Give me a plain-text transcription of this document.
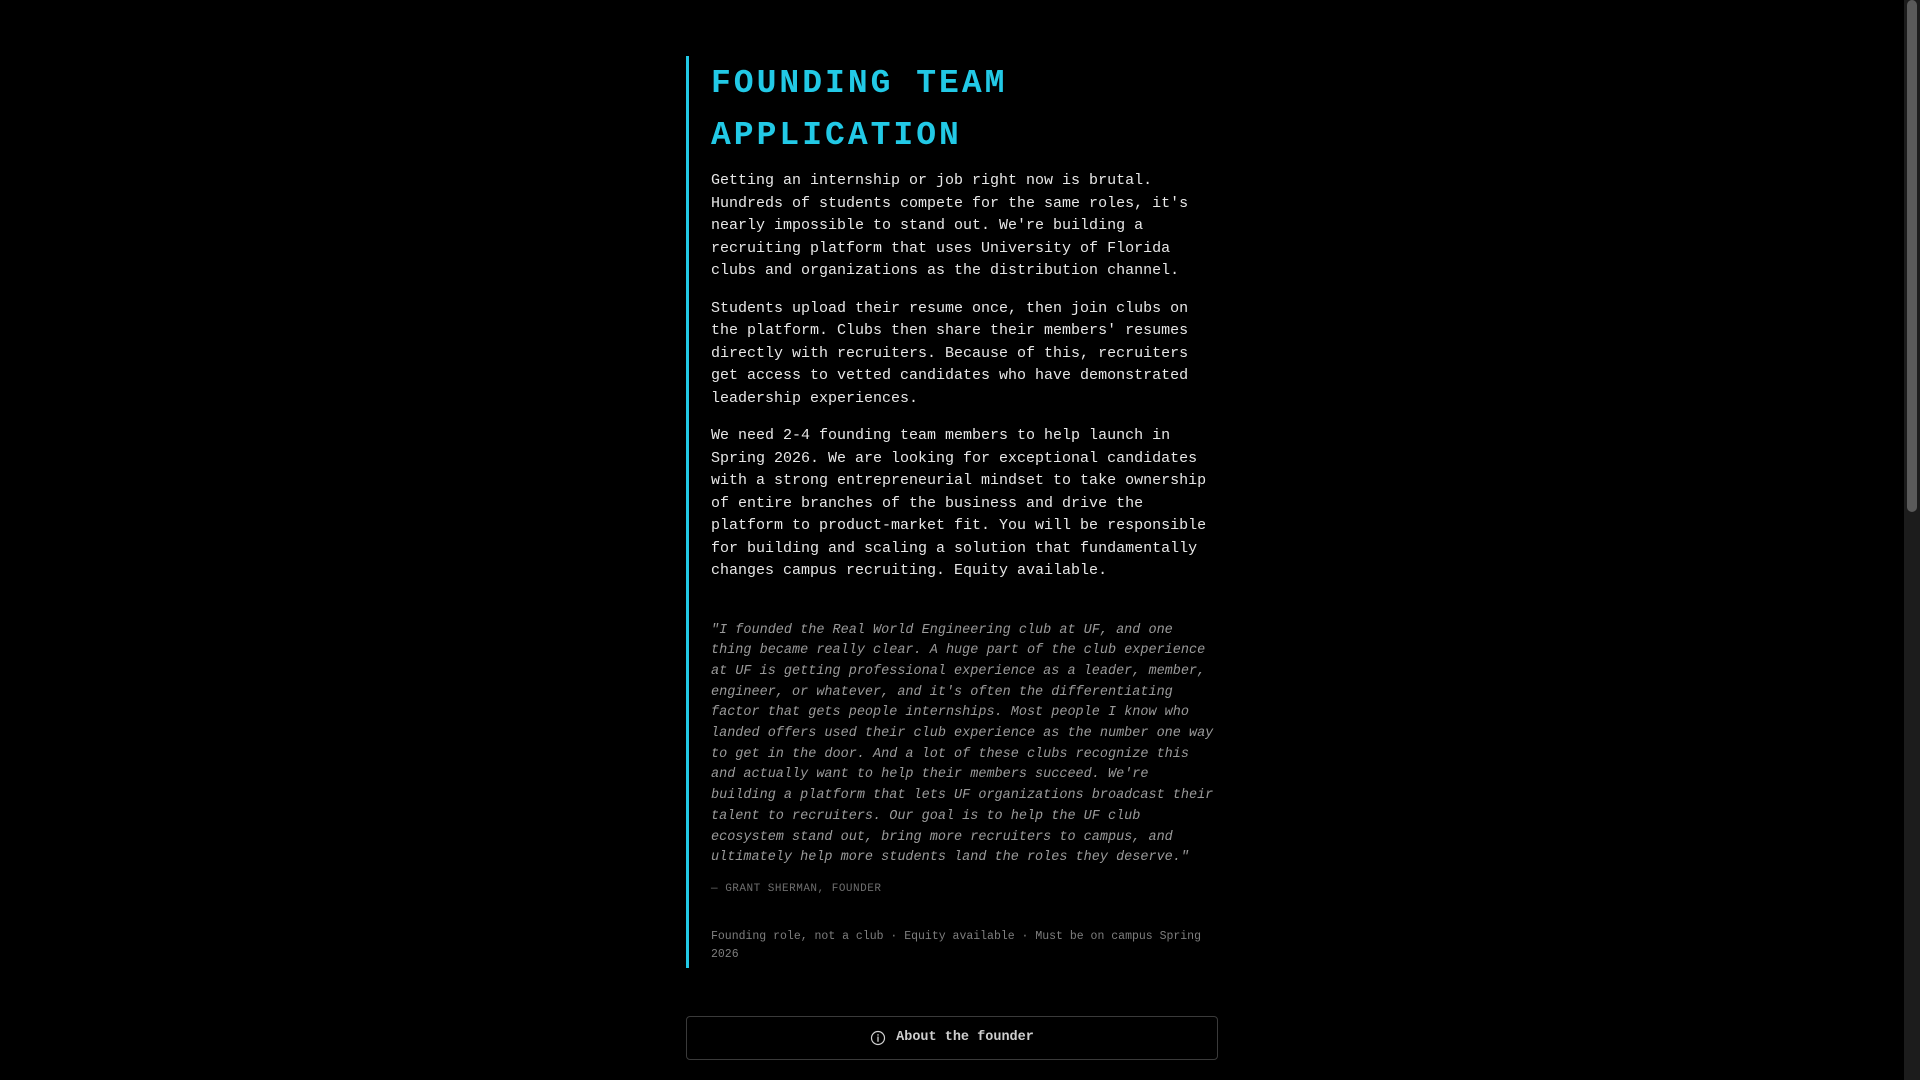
FOUNDING TEAM APPLICATION

Getting an internship or job right now is brutal. Hundreds of students compete for the same roles, it's nearly impossible to stand out. We're building a recruiting platform that uses University of Florida clubs and organizations as the distribution channel.

Students upload their resume once, then join clubs on the platform. Clubs then share their members' resumes directly with recruiters. Because of this, recruiters get access to vetted candidates who have demonstrated leadership experiences.

We need 2-4 founding team members to help launch in Spring 2026. We are looking for exceptional candidates with a strong entrepreneurial mindset to take ownership of entire branches of the business and drive the platform to product-market fit. You will be responsible for building and scaling a solution that fundamentally changes campus recruiting. Equity available.

"I founded the Real World Engineering club at UF, and one thing became really clear. A huge part of the club experience at UF is getting professional experience as a leader, member, engineer, or whatever, and it's often the differentiating factor that gets people internships. Most people I know who landed offers used their club experience as the number one way to get in the door. And a lot of these clubs recognize this and actually want to help their members succeed. We're building a platform that lets UF organizations broadcast their talent to recruiters. Our goal is to help the UF club ecosystem stand out, bring more recruiters to campus, and ultimately help more students land the roles they deserve."

— GRANT SHERMAN, FOUNDER

Founding role, not a club · Equity available · Must be on campus Spring 2026

About the founder
